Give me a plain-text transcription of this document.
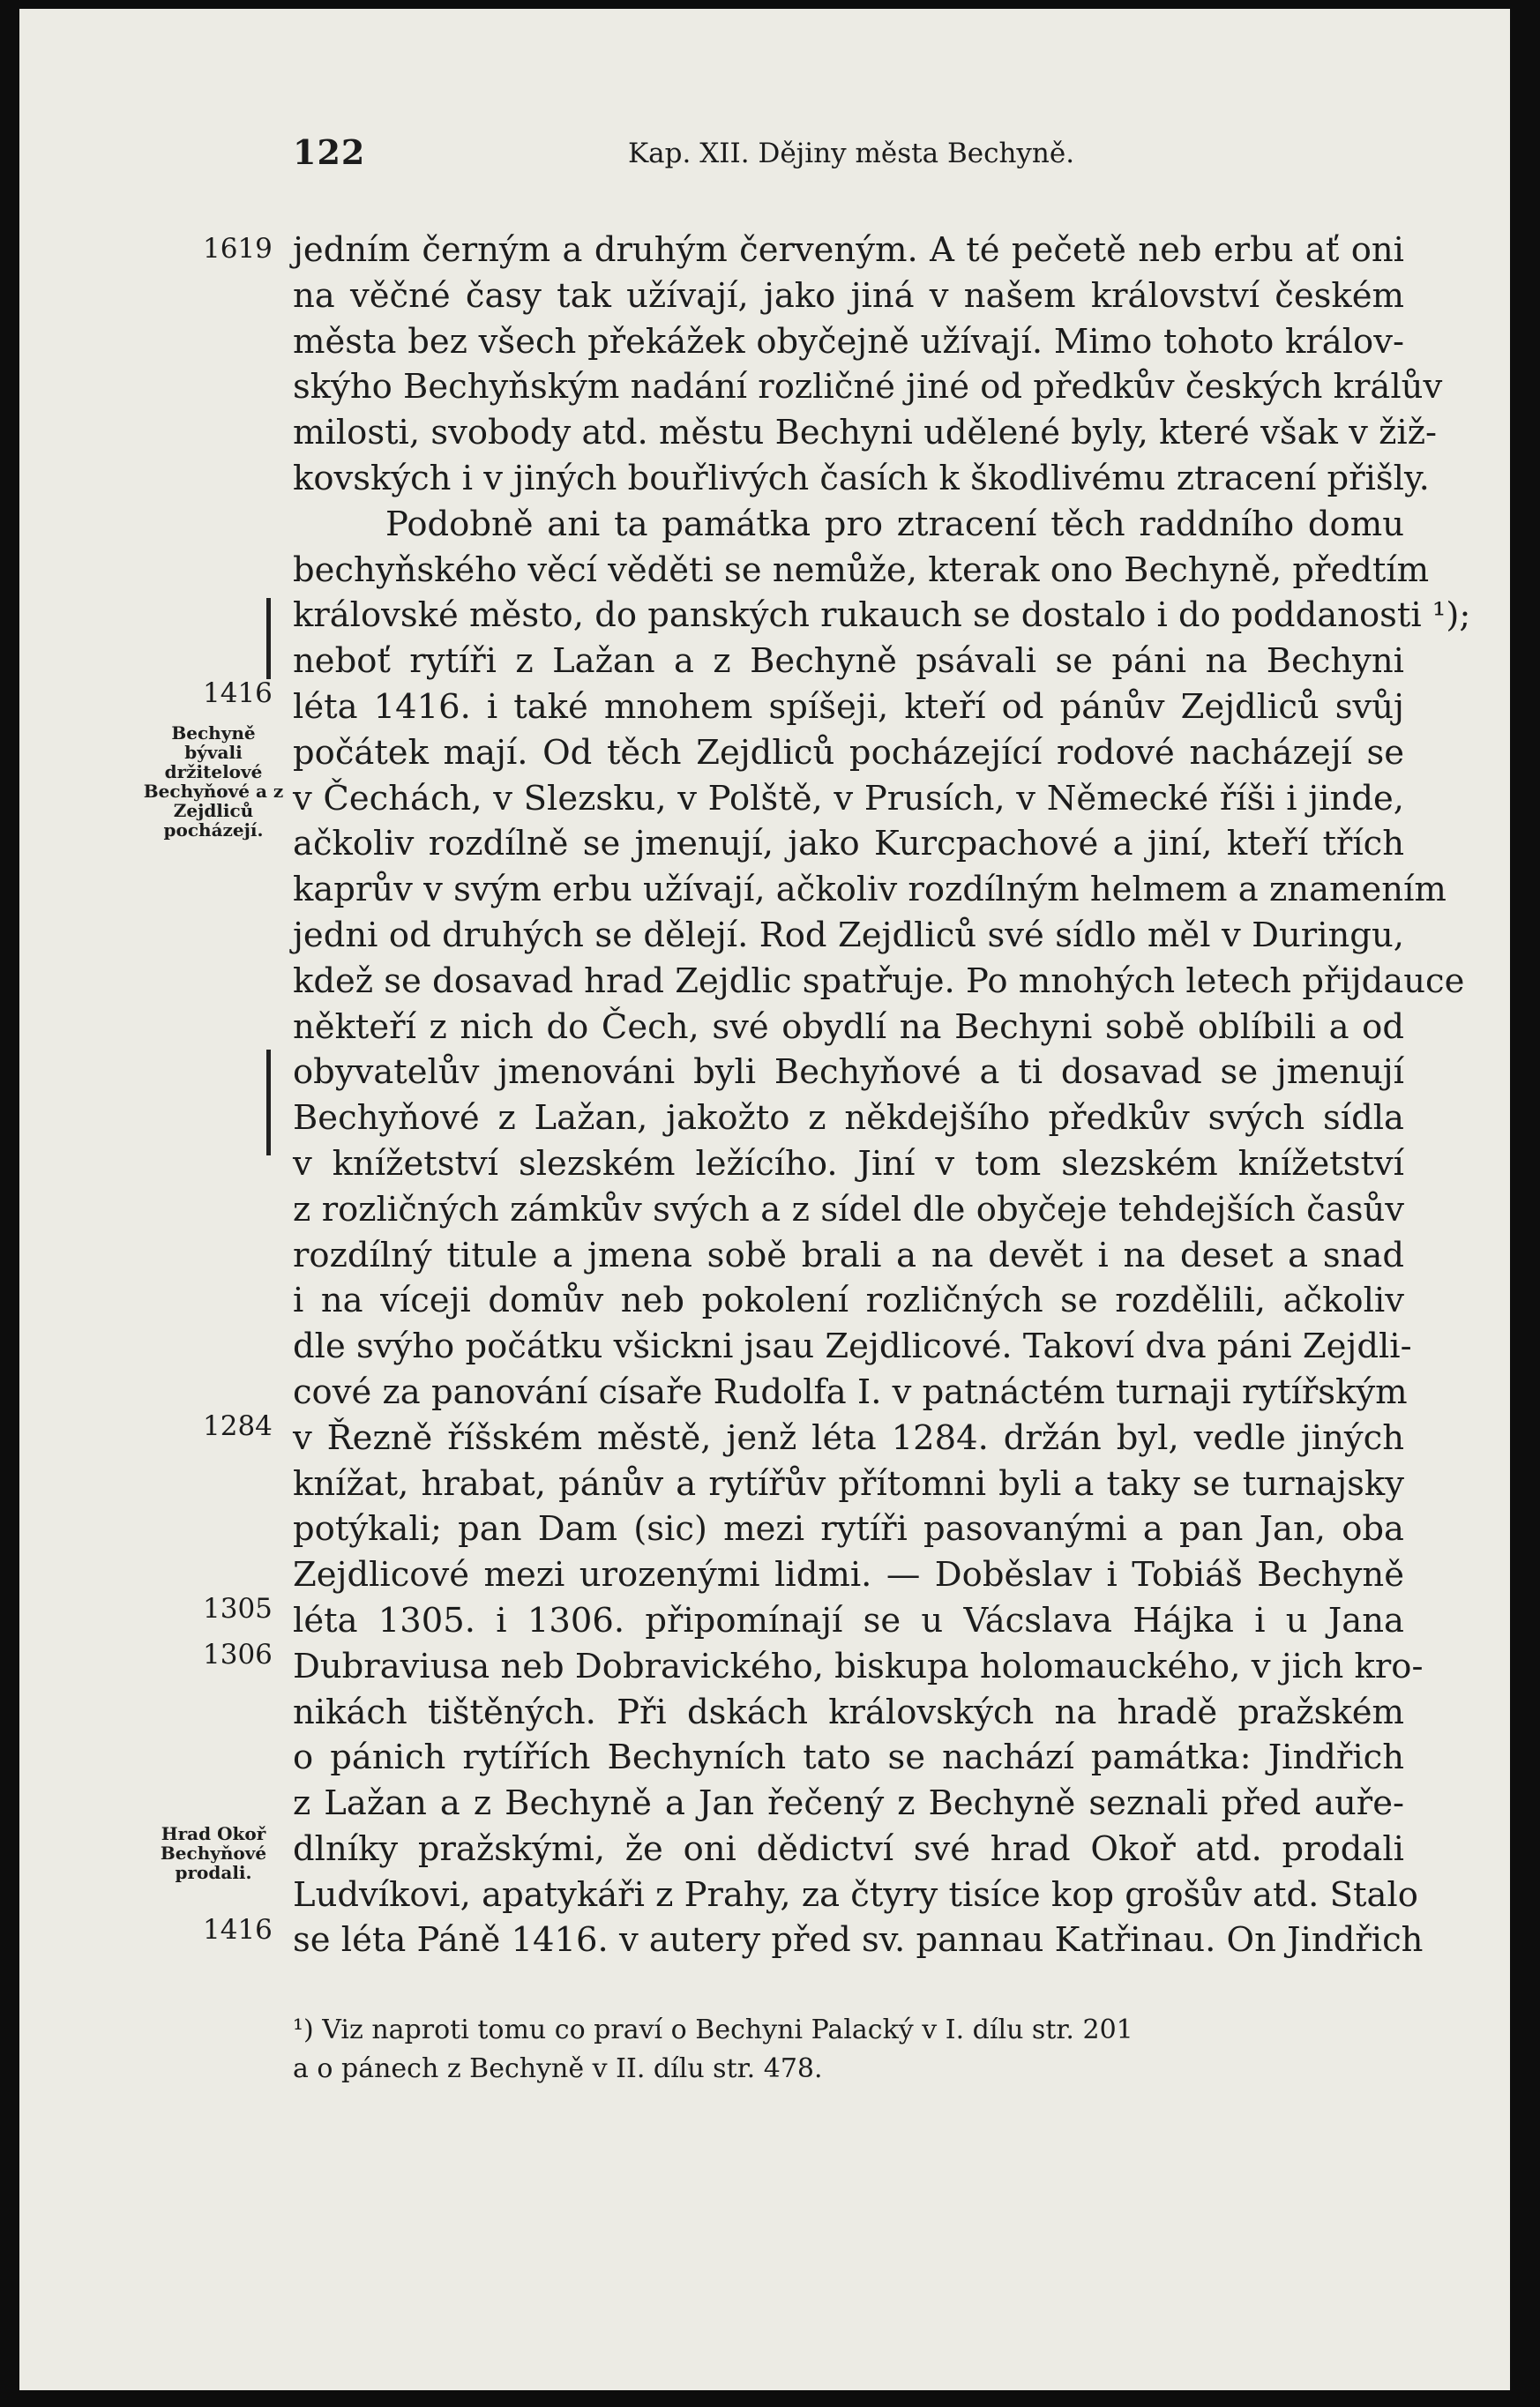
122	Kap. XII. Dějiny města Bechyně.
1619
1416
Bechyně bývali držitelové Bechyňové a z Zejdliců pocházejí.
1284
1305
1306
Hrad Okoř Bechyňové prodali.
1416
jedním černým a druhým červeným. A té pečetě neb erbu ať oni
na věčné časy tak užívají, jako jiná v našem království českém
města bez všech překážek obyčejně užívají. Mimo tohoto králov-
skýho Bechyňským nadání rozličné jiné od předkův českých králův
milosti, svobody atd. městu Bechyni udělené byly, které však v žiž-
kovských i v jiných bouřlivých časích k škodlivému ztracení přišly.
Podobně ani ta památka pro ztracení těch raddního domu
bechyňského věcí věděti se nemůže, kterak ono Bechyně, předtím
královské město, do panských rukauch se dostalo i do poddanosti ¹);
neboť rytíři z Lažan a z Bechyně psávali se páni na Bechyni
léta 1416. i také mnohem spíšeji, kteří od pánův Zejdliců svůj
počátek mají. Od těch Zejdliců pocházející rodové nacházejí se
v Čechách, v Slezsku, v Polště, v Prusích, v Německé říši i jinde,
ačkoliv rozdílně se jmenují, jako Kurcpachové a jiní, kteří třích
kaprův v svým erbu užívají, ačkoliv rozdílným helmem a znamením
jedni od druhých se dělejí. Rod Zejdliců své sídlo měl v Duringu,
kdež se dosavad hrad Zejdlic spatřuje. Po mnohých letech přijdauce
někteří z nich do Čech, své obydlí na Bechyni sobě oblíbili a od
obyvatelův jmenováni byli Bechyňové a ti dosavad se jmenují
Bechyňové z Lažan, jakožto z někdejšího předkův svých sídla
v knížetství slezském ležícího. Jiní v tom slezském knížetství
z rozličných zámkův svých a z sídel dle obyčeje tehdejších časův
rozdílný titule a jmena sobě brali a na devět i na deset a snad
i na víceji domův neb pokolení rozličných se rozdělili, ačkoliv
dle svýho počátku všickni jsau Zejdlicové. Takoví dva páni Zejdli-
cové za panování císaře Rudolfa I. v patnáctém turnaji rytířským
v Řezně říšském městě, jenž léta 1284. držán byl, vedle jiných
knížat, hrabat, pánův a rytířův přítomni byli a taky se turnajsky
potýkali; pan Dam (sic) mezi rytíři pasovanými a pan Jan, oba
Zejdlicové mezi urozenými lidmi. — Doběslav i Tobiáš Bechyně
léta 1305. i 1306. připomínají se u Vácslava Hájka i u Jana
Dubraviusa neb Dobravického, biskupa holomauckého, v jich kro-
nikách tištěných. Při dskách královských na hradě pražském
o pánich rytířích Bechyních tato se nachází památka: Jindřich
z Lažan a z Bechyně a Jan řečený z Bechyně seznali před auře-
dlníky pražskými, že oni dědictví své hrad Okoř atd. prodali
Ludvíkovi, apatykáři z Prahy, za čtyry tisíce kop grošův atd. Stalo
se léta Páně 1416. v autery před sv. pannau Katřinau. On Jindřich
¹) Viz naproti tomu co praví o Bechyni Palacký v I. dílu str. 201
a o pánech z Bechyně v II. dílu str. 478.
